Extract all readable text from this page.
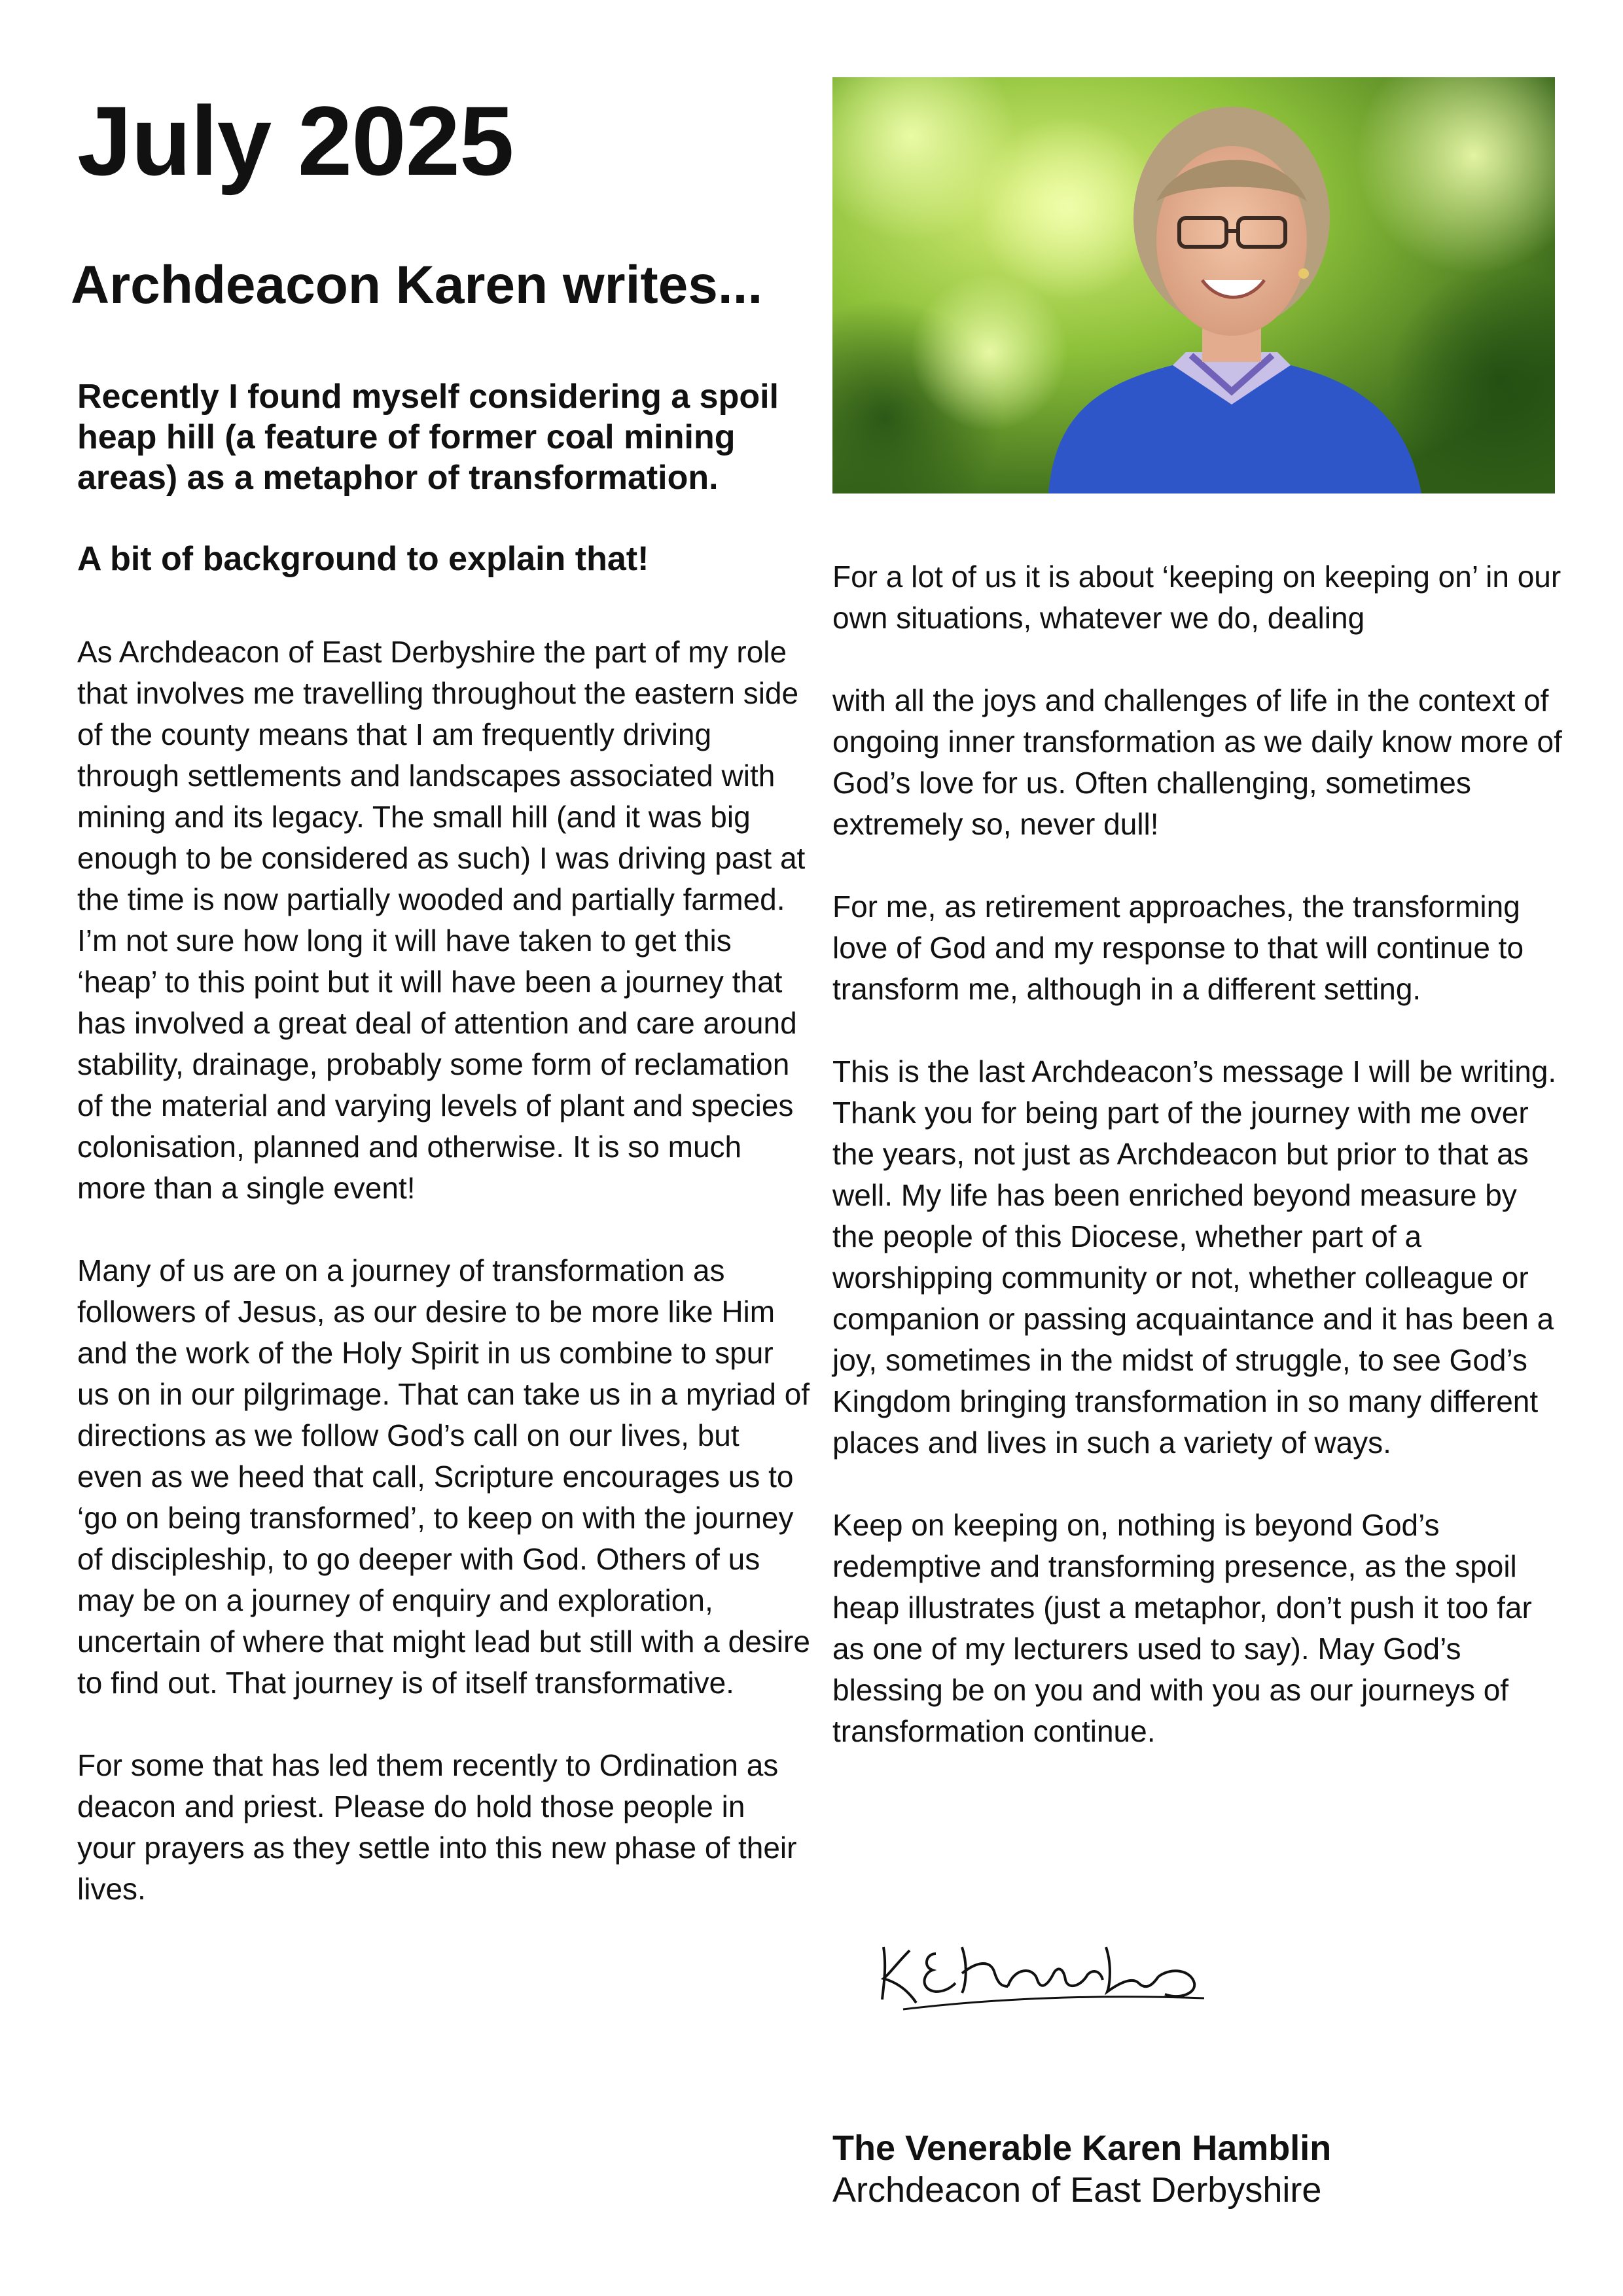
July 2025
Archdeacon Karen writes...

Recently I found myself considering a spoil heap hill (a feature of former coal mining areas) as a metaphor of transformation.

A bit of background to explain that!

As Archdeacon of East Derbyshire the part of my role that involves me travelling throughout the eastern side of the county means that I am frequently driving through settlements and landscapes associated with mining and its legacy. The small hill (and it was big enough to be considered as such) I was driving past at the time is now partially wooded and partially farmed. I’m not sure how long it will have taken to get this ‘heap’ to this point but it will have been a journey that has involved a great deal of attention and care around stability, drainage, probably some form of reclamation of the material and varying levels of plant and species colonisation, planned and otherwise. It is so much more than a single event!

Many of us are on a journey of transformation as followers of Jesus, as our desire to be more like Him and the work of the Holy Spirit in us combine to spur us on in our pilgrimage. That can take us in a myriad of directions as we follow God’s call on our lives, but even as we heed that call, Scripture encourages us to ‘go on being transformed’, to keep on with the journey of discipleship, to go deeper with God. Others of us may be on a journey of enquiry and exploration, uncertain of where that might lead but still with a desire to find out. That journey is of itself transformative.

For some that has led them recently to Ordination as deacon and priest. Please do hold those people in your prayers as they settle into this new phase of their lives.

For a lot of us it is about ‘keeping on keeping on’ in our own situations, whatever we do, dealing

with all the joys and challenges of life in the context of ongoing inner transformation as we daily know more of God’s love for us. Often challenging, sometimes extremely so, never dull!

For me, as retirement approaches, the transforming love of God and my response to that will continue to transform me, although in a different setting.

This is the last Archdeacon’s message I will be writing. Thank you for being part of the journey with me over the years, not just as Archdeacon but prior to that as well. My life has been enriched beyond measure by the people of this Diocese, whether part of a worshipping community or not, whether colleague or companion or passing acquaintance and it has been a joy, sometimes in the midst of struggle, to see God’s Kingdom bringing transformation in so many different places and lives in such a variety of ways.

Keep on keeping on, nothing is beyond God’s redemptive and transforming presence, as the spoil heap illustrates (just a metaphor, don’t push it too far as one of my lecturers used to say). May God’s blessing be on you and with you as our journeys of transformation continue.

The Venerable Karen Hamblin

Archdeacon of East Derbyshire
